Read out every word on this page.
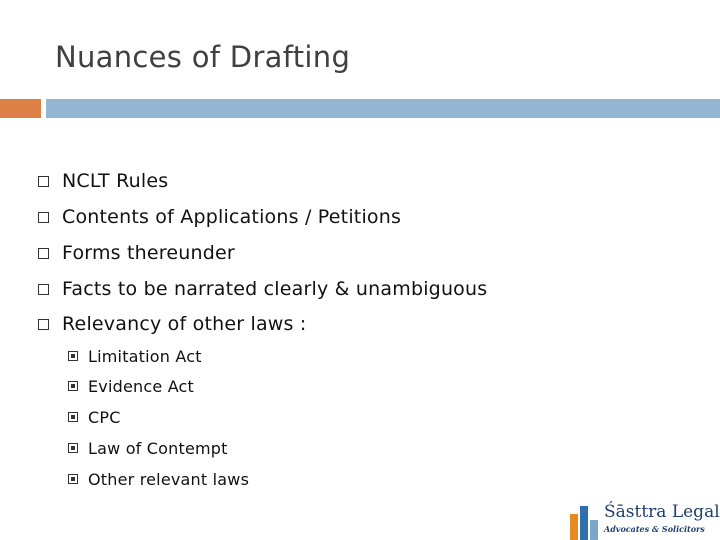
Nuances of Drafting
NCLT Rules
Contents of Applications / Petitions
Forms thereunder
Facts to be narrated clearly & unambiguous
Relevancy of other laws :
Limitation Act
Evidence Act
CPC
Law of Contempt
Other relevant laws
Śāsttra Legal
Advocates & Solicitors
